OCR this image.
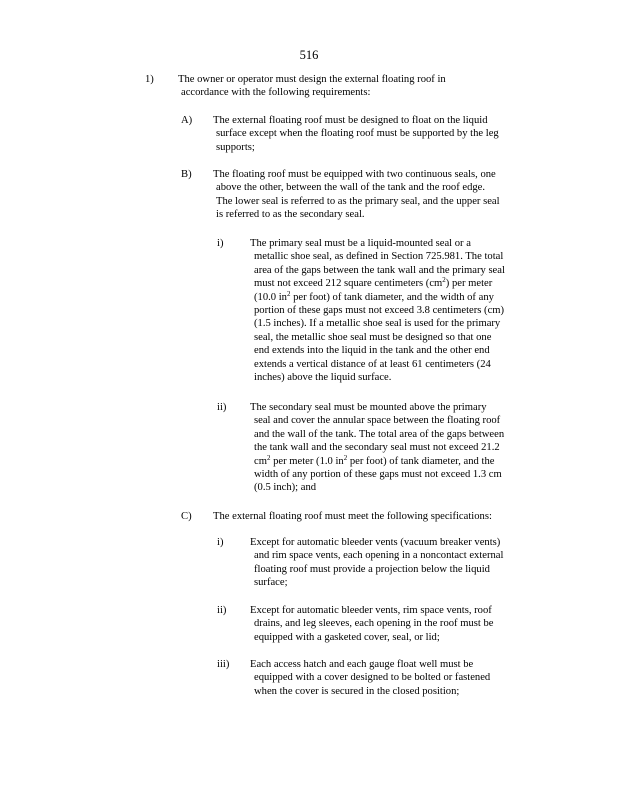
516
1) The owner or operator must design the external floating roof in
accordance with the following requirements:
A) The external floating roof must be designed to float on the liquid
surface except when the floating roof must be supported by the leg
supports;
B) The floating roof must be equipped with two continuous seals, one
above the other, between the wall of the tank and the roof edge.
The lower seal is referred to as the primary seal, and the upper seal
is referred to as the secondary seal.
i)	The primary seal must be a liquid-mounted seal or a
metallic shoe seal, as defined in Section 725.981. The total
area of the gaps between the tank wall and the primary seal
must not exceed 212 square centimeters $(cm^2)$ per meter
(10.0 $in^2$ per foot) of tank diameter, and the width of any
portion of these gaps must not exceed 3.8 centimeters (cm)
(1.5 inches). If a metallic shoe seal is used for the primary
seal, the metallic shoe seal must be designed so that one
end extends into the liquid in the tank and the other end
extends a vertical distance of at least 61 centimeters (24
inches) above the liquid surface.
ii) The secondary seal must be mounted above the primary
seal and cover the annular space between the floating roof
and the wall of the tank. The total area of the gaps between
the tank wall and the secondary seal must not exceed 21.2
$cm^2$ per meter (1.0 $in^2$ per foot) of tank diameter, and the
width of any portion of these gaps must not exceed 1.3 cm
(0.5 inch); and
C) The external floating roof must meet the following specifications:
i)	Except for automatic bleeder vents (vacuum breaker vents)
and rim space vents, each opening in a noncontact external
floating roof must provide a projection below the liquid
surface;
ii) Except for automatic bleeder vents, rim space vents, roof
drains, and leg sleeves, each opening in the roof must be
equipped with a gasketed cover, seal, or lid;
iii) Each access hatch and each gauge float well must be
equipped with a cover designed to be bolted or fastened
when the cover is secured in the closed position;
